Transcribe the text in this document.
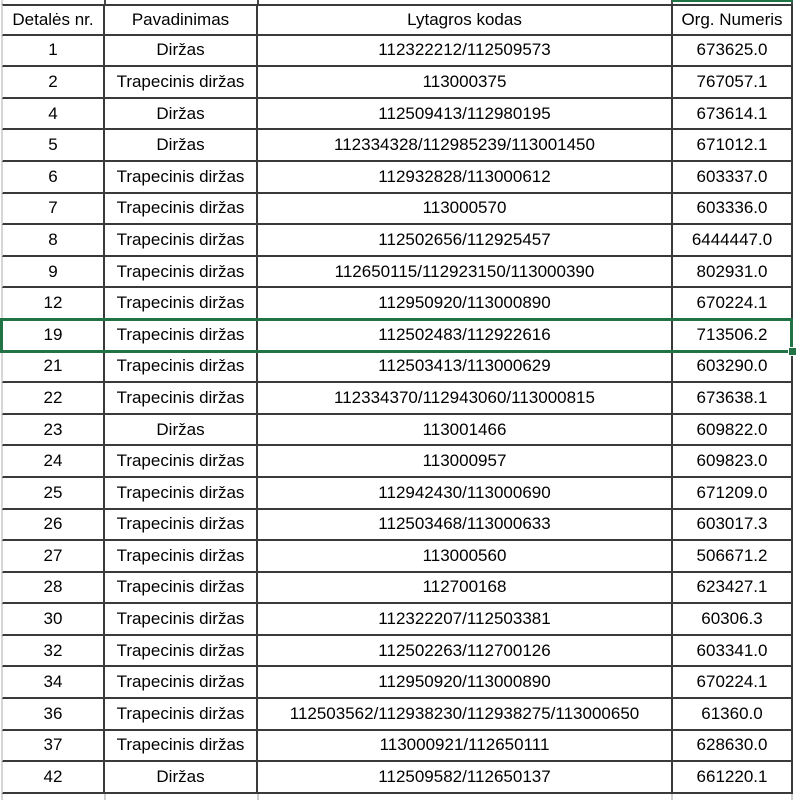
Detalės nr.	Pavadinimas	Lytagros kodas	Org. Numeris
1	Diržas	112322212/112509573	673625.0
2	Trapecinis diržas	113000375	767057.1
4	Diržas	112509413/112980195	673614.1
5	Diržas	112334328/112985239/113001450	671012.1
6	Trapecinis diržas	112932828/113000612	603337.0
7	Trapecinis diržas	113000570	603336.0
8	Trapecinis diržas	112502656/112925457	6444447.0
9	Trapecinis diržas	112650115/112923150/113000390	802931.0
12	Trapecinis diržas	112950920/113000890	670224.1
19	Trapecinis diržas	112502483/112922616	713506.2
21	Trapecinis diržas	112503413/113000629	603290.0
22	Trapecinis diržas	112334370/112943060/113000815	673638.1
23	Diržas	113001466	609822.0
24	Trapecinis diržas	113000957	609823.0
25	Trapecinis diržas	112942430/113000690	671209.0
26	Trapecinis diržas	112503468/113000633	603017.3
27	Trapecinis diržas	113000560	506671.2
28	Trapecinis diržas	112700168	623427.1
30	Trapecinis diržas	112322207/112503381	60306.3
32	Trapecinis diržas	112502263/112700126	603341.0
34	Trapecinis diržas	112950920/113000890	670224.1
36	Trapecinis diržas	112503562/112938230/112938275/113000650	61360.0
37	Trapecinis diržas	113000921/112650111	628630.0
42	Diržas	112509582/112650137	661220.1
